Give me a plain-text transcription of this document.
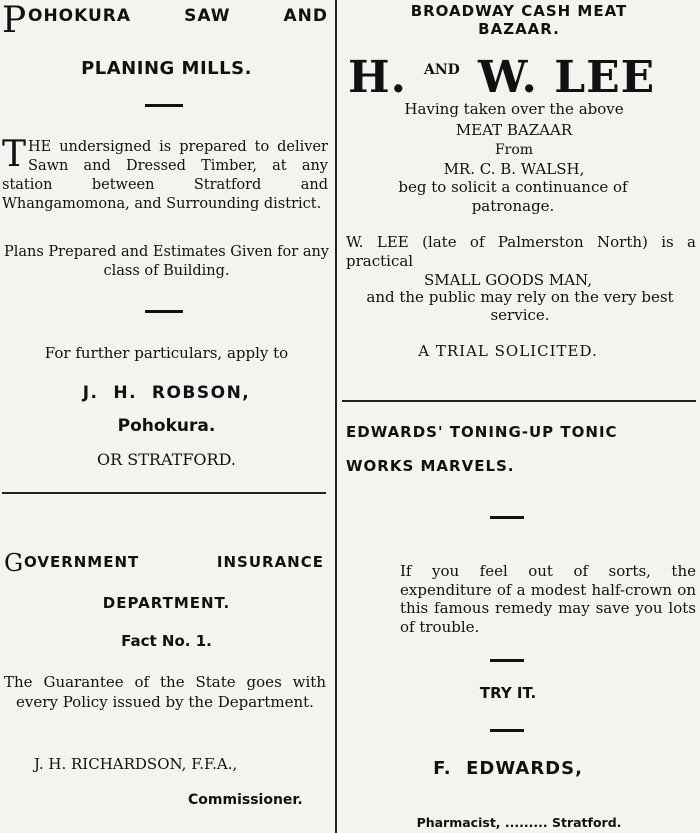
P OHOKURA  SAW  AND
PLANING MILLS.
THE undersigned is prepared to deliver Sawn and Dressed Timber, at any station between Stratford and Whangamomona, and Surrounding district.
Plans Prepared and Estimates Given for any class of Building.
For further particulars, apply to
J.  H.  ROBSON,
Pohokura.
OR STRATFORD.
G OVERNMENT    INSURANCE
DEPARTMENT.
Fact No. 1.
The Guarantee of the State goes with every Policy issued by the Department.
J. H. RICHARDSON, F.F.A.,
Commissioner.
BROADWAY CASH MEAT
BAZAAR.
H. AND W. LEE
Having taken over the above
MEAT BAZAAR
From
MR. C. B. WALSH,
beg to solicit a continuance of patronage.
W. LEE (late of Palmerston North) is a practical
SMALL GOODS MAN,
and the public may rely on the very best service.
A TRIAL SOLICITED.
EDWARDS' TONING-UP TONIC
WORKS MARVELS.
If you feel out of sorts, the expenditure of a modest half-crown on this famous remedy may save you lots of trouble.
TRY IT.
F.  EDWARDS,
Pharmacist, ......... Stratford.
